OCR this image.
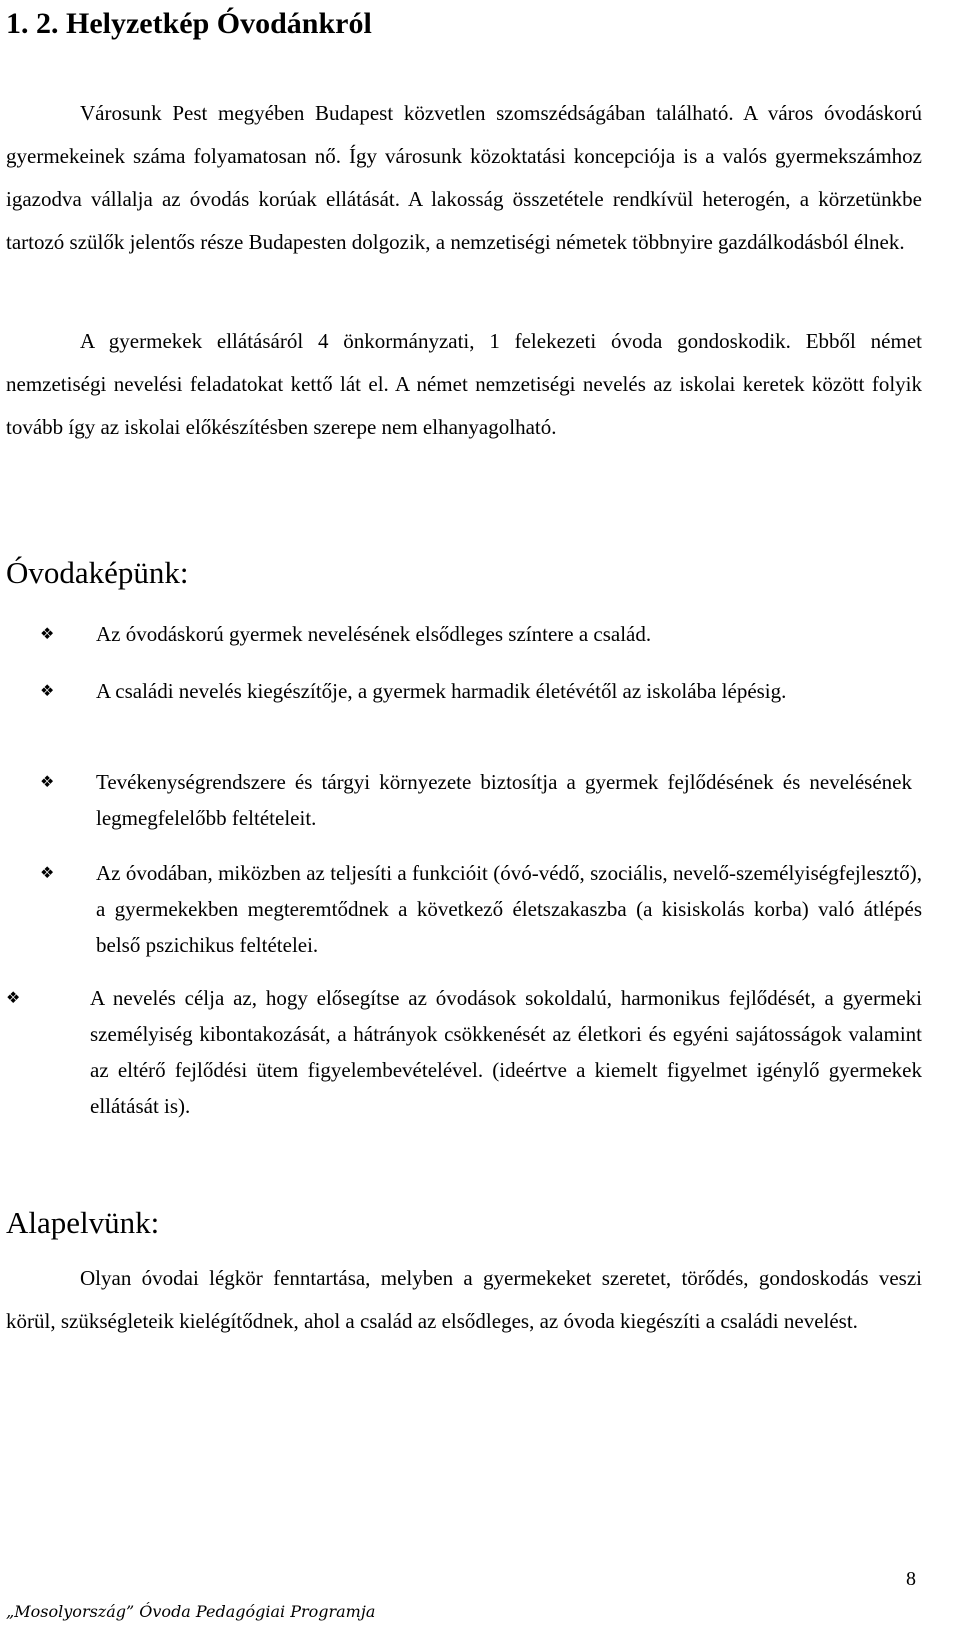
1. 2. Helyzetkép Óvodánkról

Városunk Pest megyében Budapest közvetlen szomszédságában található. A város óvodáskorú gyermekeinek száma folyamatosan nő. Így városunk közoktatási koncepciója is a valós gyermekszámhoz igazodva vállalja az óvodás korúak ellátását. A lakosság összetétele rendkívül heterogén, a körzetünkbe tartozó szülők jelentős része Budapesten dolgozik, a nemzetiségi németek többnyire gazdálkodásból élnek.

A gyermekek ellátásáról 4 önkormányzati, 1 felekezeti óvoda gondoskodik. Ebből német nemzetiségi nevelési feladatokat kettő lát el. A német nemzetiségi nevelés az iskolai keretek között folyik tovább így az iskolai előkészítésben szerepe nem elhanyagolható.

Óvodaképünk:
❖	Az óvodáskorú gyermek nevelésének elsődleges színtere a család.

❖	A családi nevelés kiegészítője, a gyermek harmadik életévétől az iskolába lépésig.

❖	Tevékenységrendszere és tárgyi környezete biztosítja a gyermek fejlődésének és nevelésének legmegfelelőbb feltételeit.

❖	Az óvodában, miközben az teljesíti a funkcióit (óvó-védő, szociális, nevelő-személyiségfejlesztő), a gyermekekben megteremtődnek a következő életszakaszba (a kisiskolás korba) való átlépés belső pszichikus feltételei.

❖	A nevelés célja az, hogy elősegítse az óvodások sokoldalú, harmonikus fejlődését, a gyermeki személyiség kibontakozását, a hátrányok csökkenését az életkori és egyéni sajátosságok valamint az eltérő fejlődési ütem figyelembevételével. (ideértve a kiemelt figyelmet igénylő gyermekek ellátását is).

Alapelvünk:

Olyan óvodai légkör fenntartása, melyben a gyermekeket szeretet, törődés, gondoskodás veszi körül, szükségleteik kielégítődnek, ahol a család az elsődleges, az óvoda kiegészíti a családi nevelést.

8
„Mosolyország” Óvoda Pedagógiai Programja
